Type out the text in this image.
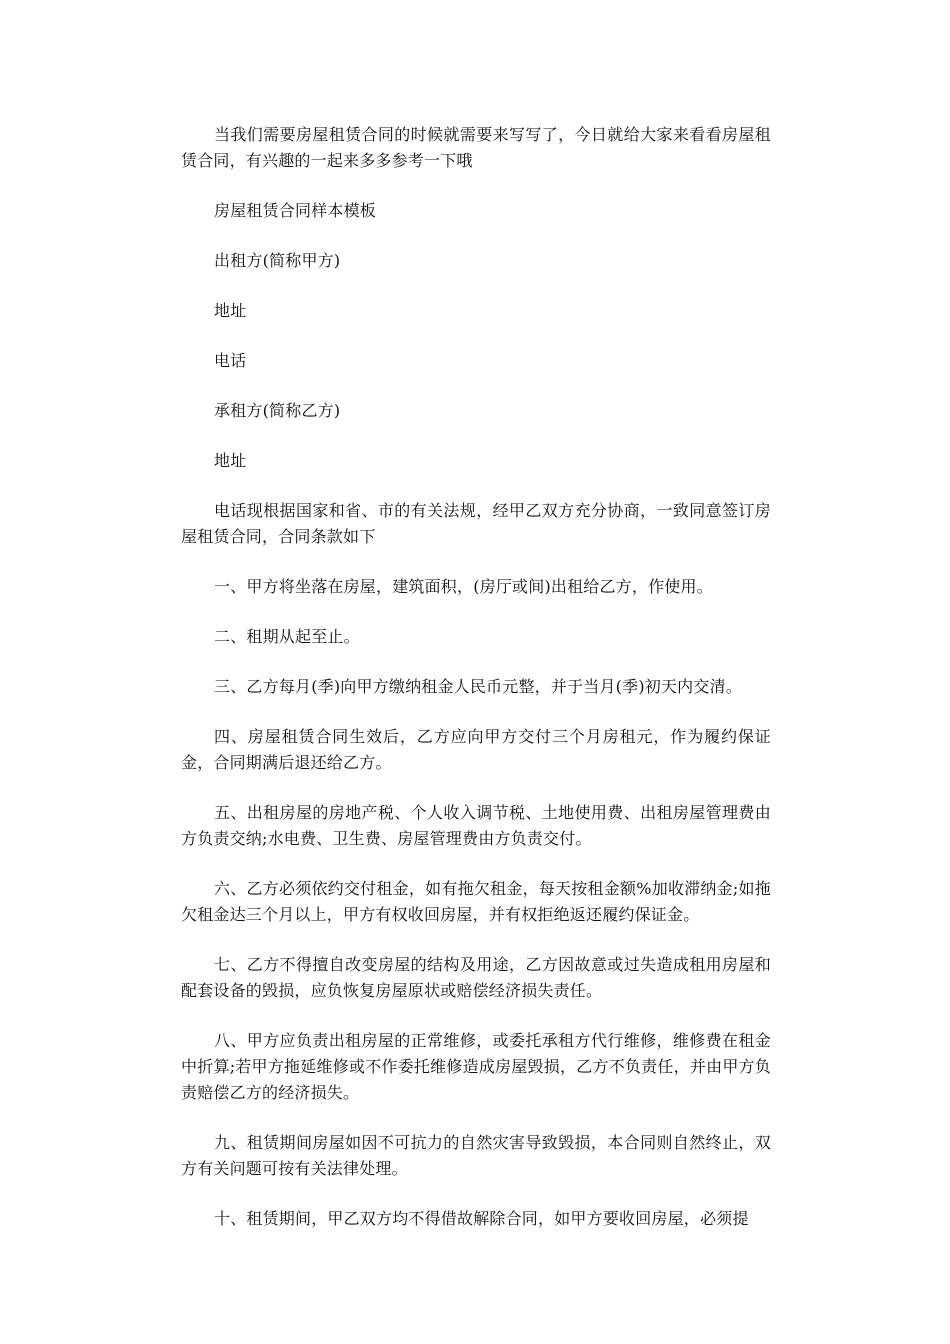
当我们需要房屋租赁合同的时候就需要来写写了，今日就给大家来看看房屋租赁合同，有兴趣的一起来多多参考一下哦

房屋租赁合同样本模板

出租方(简称甲方)

地址

电话

承租方(简称乙方)

地址

电话现根据国家和省、市的有关法规，经甲乙双方充分协商，一致同意签订房屋租赁合同，合同条款如下

一、甲方将坐落在房屋，建筑面积，(房厅或间)出租给乙方，作使用。

二、租期从起至止。

三、乙方每月(季)向甲方缴纳租金人民币元整，并于当月(季)初天内交清。

四、房屋租赁合同生效后，乙方应向甲方交付三个月房租元，作为履约保证金，合同期满后退还给乙方。

五、出租房屋的房地产税、个人收入调节税、土地使用费、出租房屋管理费由方负责交纳;水电费、卫生费、房屋管理费由方负责交付。

六、乙方必须依约交付租金，如有拖欠租金，每天按租金额%加收滞纳金;如拖欠租金达三个月以上，甲方有权收回房屋，并有权拒绝返还履约保证金。

七、乙方不得擅自改变房屋的结构及用途，乙方因故意或过失造成租用房屋和配套设备的毁损，应负恢复房屋原状或赔偿经济损失责任。

八、甲方应负责出租房屋的正常维修，或委托承租方代行维修，维修费在租金中折算;若甲方拖延维修或不作委托维修造成房屋毁损，乙方不负责任，并由甲方负责赔偿乙方的经济损失。

九、租赁期间房屋如因不可抗力的自然灾害导致毁损，本合同则自然终止，双方有关问题可按有关法律处理。

十、租赁期间，甲乙双方均不得借故解除合同，如甲方要收回房屋，必须提
